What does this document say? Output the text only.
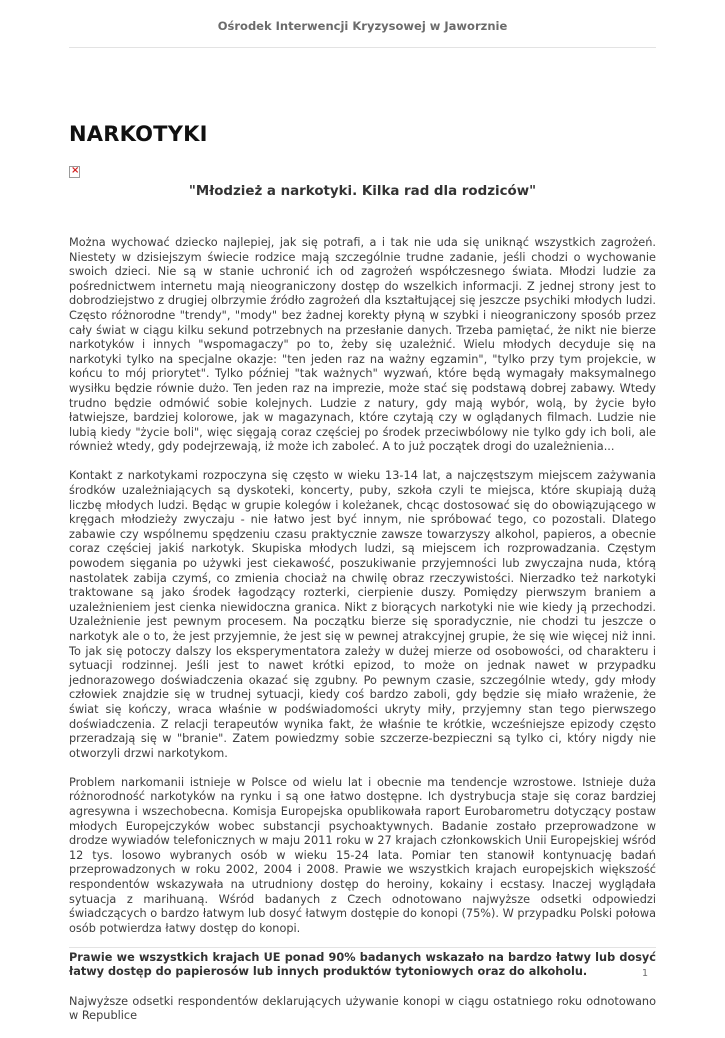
Ośrodek Interwencji Kryzysowej w Jaworznie
NARKOTYKI
×
"Młodzież a narkotyki. Kilka rad dla rodziców"

Można wychować dziecko najlepiej, jak się potrafi, a i tak nie uda się uniknąć wszystkich zagrożeń. Niestety w dzisiejszym świecie rodzice mają szczególnie trudne zadanie, jeśli chodzi o wychowanie swoich dzieci. Nie są w stanie uchronić ich od zagrożeń współczesnego świata. Młodzi ludzie za pośrednictwem internetu mają nieograniczony dostęp do wszelkich informacji. Z jednej strony jest to dobrodziejstwo z drugiej olbrzymie źródło zagrożeń dla kształtującej się jeszcze psychiki młodych ludzi. Często różnorodne "trendy", "mody" bez żadnej korekty płyną w szybki i nieograniczony sposób przez cały świat w ciągu kilku sekund potrzebnych na przesłanie danych. Trzeba pamiętać, że nikt nie bierze narkotyków i innych "wspomagaczy" po to, żeby się uzależnić. Wielu młodych decyduje się na narkotyki tylko na specjalne okazje: "ten jeden raz na ważny egzamin", "tylko przy tym projekcie, w końcu to mój priorytet". Tylko później "tak ważnych" wyzwań, które będą wymagały maksymalnego wysiłku będzie równie dużo. Ten jeden raz na imprezie, może stać się podstawą dobrej zabawy. Wtedy trudno będzie odmówić sobie kolejnych. Ludzie z natury, gdy mają wybór, wolą, by życie było łatwiejsze, bardziej kolorowe, jak w magazynach, które czytają czy w oglądanych filmach. Ludzie nie lubią kiedy "życie boli", więc sięgają coraz częściej po środek przeciwbólowy nie tylko gdy ich boli, ale również wtedy, gdy podejrzewają, iż może ich zaboleć. A to już początek drogi do uzależnienia...

Kontakt z narkotykami rozpoczyna się często w wieku 13-14 lat, a najczęstszym miejscem zażywania środków uzależniających są dyskoteki, koncerty, puby, szkoła czyli te miejsca, które skupiają dużą liczbę młodych ludzi. Będąc w grupie kolegów i koleżanek, chcąc dostosować się do obowiązującego w kręgach młodzieży zwyczaju - nie łatwo jest być innym, nie spróbować tego, co pozostali. Dlatego zabawie czy wspólnemu spędzeniu czasu praktycznie zawsze towarzyszy alkohol, papieros, a obecnie coraz częściej jakiś narkotyk. Skupiska młodych ludzi, są miejscem ich rozprowadzania. Częstym powodem sięgania po używki jest ciekawość, poszukiwanie przyjemności lub zwyczajna nuda, którą nastolatek zabija czymś, co zmienia chociaż na chwilę obraz rzeczywistości. Nierzadko też narkotyki traktowane są jako środek łagodzący rozterki, cierpienie duszy. Pomiędzy pierwszym braniem a uzależnieniem jest cienka niewidoczna granica. Nikt z biorących narkotyki nie wie kiedy ją przechodzi. Uzależnienie jest pewnym procesem. Na początku bierze się sporadycznie, nie chodzi tu jeszcze o narkotyk ale o to, że jest przyjemnie, że jest się w pewnej atrakcyjnej grupie, że się wie więcej niż inni. To jak się potoczy dalszy los eksperymentatora zależy w dużej mierze od osobowości, od charakteru i sytuacji rodzinnej. Jeśli jest to nawet krótki epizod, to może on jednak nawet w przypadku jednorazowego doświadczenia okazać się zgubny. Po pewnym czasie, szczególnie wtedy, gdy młody człowiek znajdzie się w trudnej sytuacji, kiedy coś bardzo zaboli, gdy będzie się miało wrażenie, że świat się kończy, wraca właśnie w podświadomości ukryty miły, przyjemny stan tego pierwszego doświadczenia. Z relacji terapeutów wynika fakt, że właśnie te krótkie, wcześniejsze epizody często przeradzają się w "branie". Zatem powiedzmy sobie szczerze-bezpieczni są tylko ci, który nigdy nie otworzyli drzwi narkotykom.

Problem narkomanii istnieje w Polsce od wielu lat i obecnie ma tendencje wzrostowe. Istnieje duża różnorodność narkotyków na rynku i są one łatwo dostępne. Ich dystrybucja staje się coraz bardziej agresywna i wszechobecna. Komisja Europejska opublikowała raport Eurobarometru dotyczący postaw młodych Europejczyków wobec substancji psychoaktywnych. Badanie zostało przeprowadzone w drodze wywiadów telefonicznych w maju 2011 roku w 27 krajach członkowskich Unii Europejskiej wśród 12 tys. losowo wybranych osób w wieku 15-24 lata. Pomiar ten stanowił kontynuację badań przeprowadzonych w roku 2002, 2004 i 2008. Prawie we wszystkich krajach europejskich większość respondentów wskazywała na utrudniony dostęp do heroiny, kokainy i ecstasy. Inaczej wyglądała sytuacja z marihuaną. Wśród badanych z Czech odnotowano najwyższe odsetki odpowiedzi świadczących o bardzo łatwym lub dosyć łatwym dostępie do konopi (75%). W przypadku Polski połowa osób potwierdza łatwy dostęp do konopi.

Prawie we wszystkich krajach UE ponad 90% badanych wskazało na bardzo łatwy lub dosyć łatwy dostęp do papierosów lub innych produktów tytoniowych oraz do alkoholu.

Najwyższe odsetki respondentów deklarujących używanie konopi w ciągu ostatniego roku odnotowano w Republice

1
